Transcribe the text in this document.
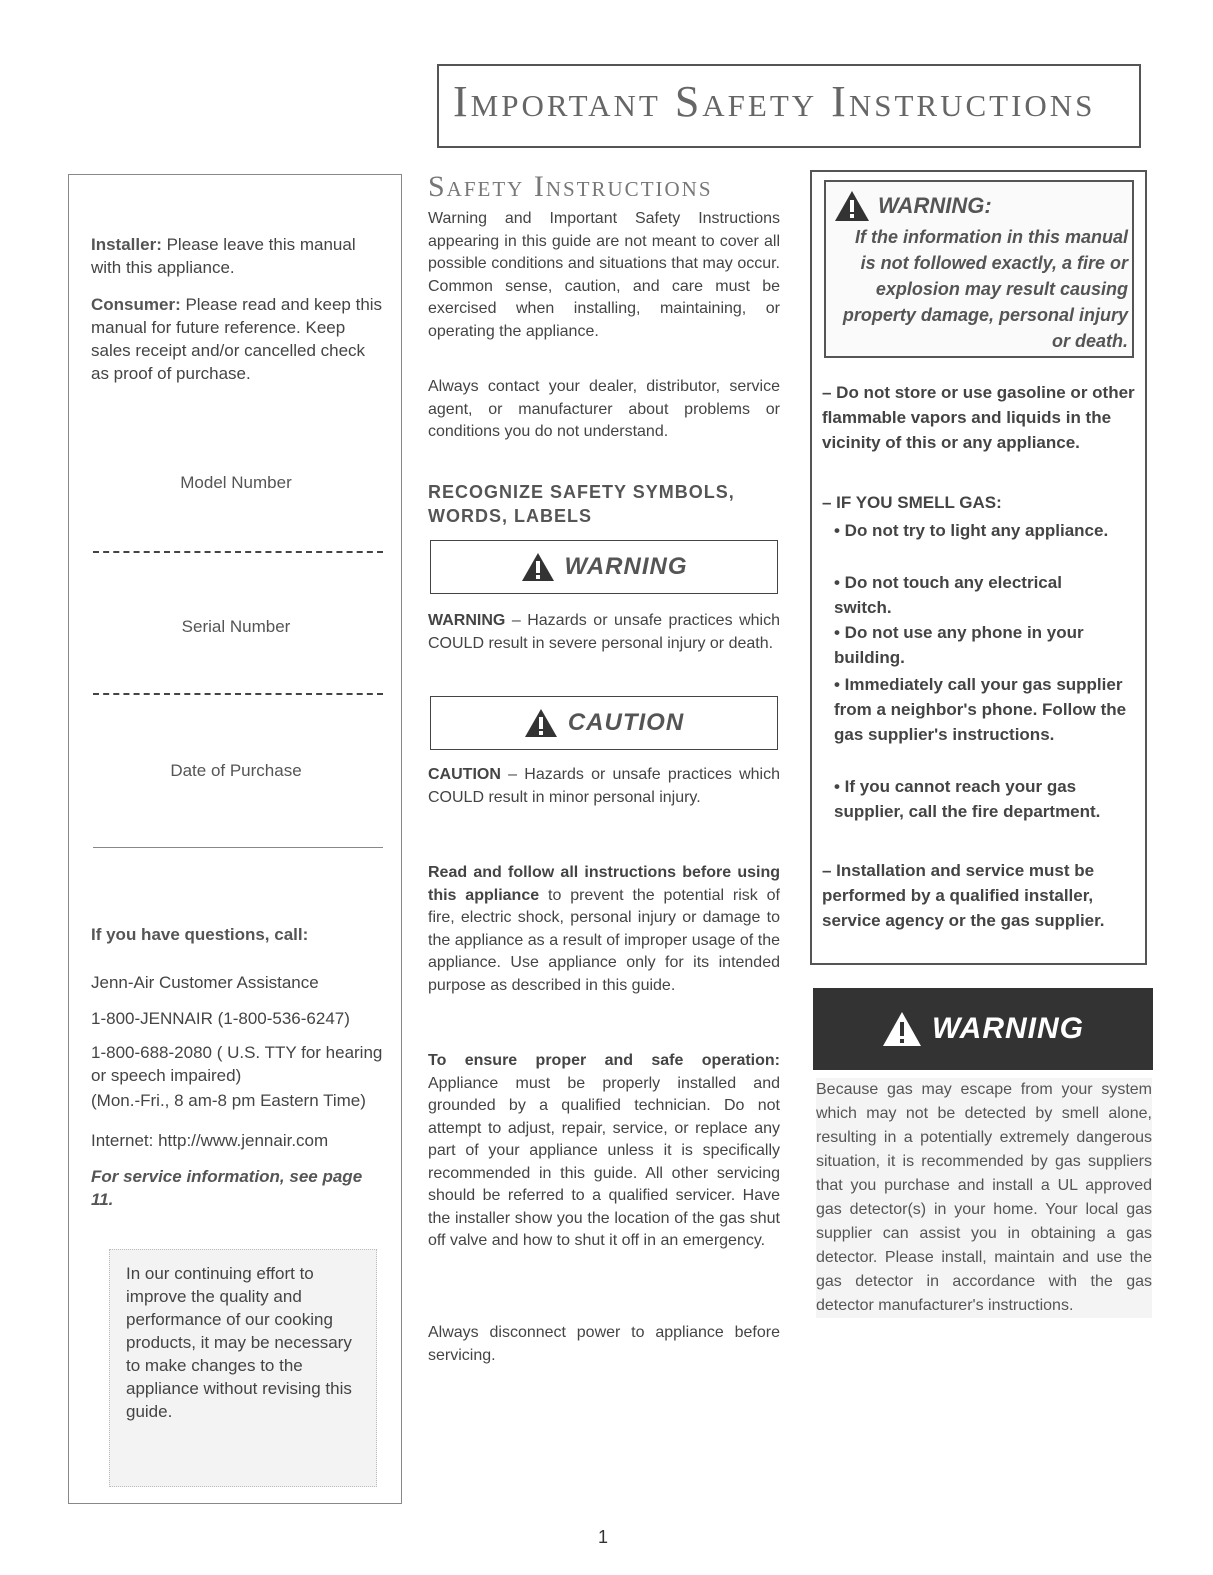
Important Safety Instructions
Installer: Please leave this manual with this appliance.
Consumer: Please read and keep this manual for future reference. Keep sales receipt and/or cancelled check as proof of purchase.
Model Number
Serial Number
Date of Purchase
If you have questions, call:
Jenn-Air Customer Assistance
1-800-JENNAIR (1-800-536-6247)
1-800-688-2080 ( U.S. TTY for hearing or speech impaired)
(Mon.-Fri., 8 am-8 pm Eastern Time)
Internet: http://www.jennair.com
For service information, see page 11.

In our continuing effort to improve the quality and performance of our cooking products, it may be necessary to make changes to the appliance without revising this guide.

Safety Instructions
Warning and Important Safety Instructions appearing in this guide are not meant to cover all possible conditions and situations that may occur. Common sense, caution, and care must be exercised when installing, maintaining, or operating the appliance.
Always contact your dealer, distributor, service agent, or manufacturer about problems or conditions you do not understand.
RECOGNIZE SAFETY SYMBOLS, WORDS, LABELS
WARNING
WARNING – Hazards or unsafe practices which COULD result in severe personal injury or death.
CAUTION
CAUTION – Hazards or unsafe practices which COULD result in minor personal injury.
Read and follow all instructions before using this appliance to prevent the potential risk of fire, electric shock, personal injury or damage to the appliance as a result of improper usage of the appliance. Use appliance only for its intended purpose as described in this guide.
To ensure proper and safe operation: Appliance must be properly installed and grounded by a qualified technician. Do not attempt to adjust, repair, service, or replace any part of your appliance unless it is specifically recommended in this guide. All other servicing should be referred to a qualified servicer. Have the installer show you the location of the gas shut off valve and how to shut it off in an emergency.
Always disconnect power to appliance before servicing.
WARNING:
If the information in this manual is not followed exactly, a fire or explosion may result causing property damage, personal injury or death.
– Do not store or use gasoline or other flammable vapors and liquids in the vicinity of this or any appliance.
– IF YOU SMELL GAS:
• Do not try to light any appliance.
• Do not touch any electrical switch.
• Do not use any phone in your building.
• Immediately call your gas supplier from a neighbor's phone. Follow the gas supplier's instructions.
• If you cannot reach your gas supplier, call the fire department.
– Installation and service must be performed by a qualified installer, service agency or the gas supplier.
WARNING
Because gas may escape from your system which may not be detected by smell alone, resulting in a potentially extremely dangerous situation, it is recommended by gas suppliers that you purchase and install a UL approved gas detector(s) in your home. Your local gas supplier can assist you in obtaining a gas detector. Please install, maintain and use the gas detector in accordance with the gas detector manufacturer's instructions.
1
